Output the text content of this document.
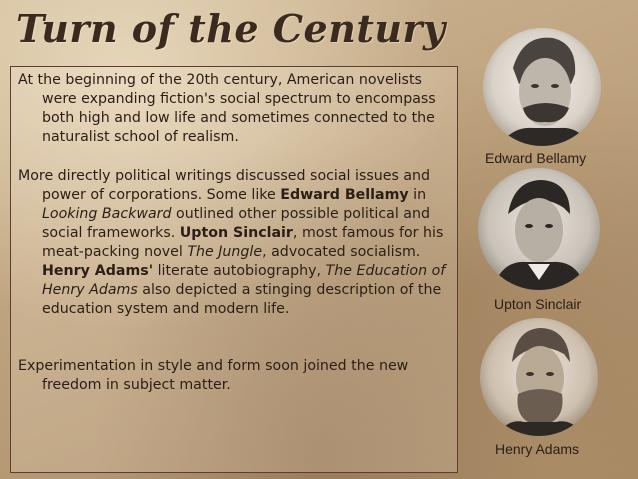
Turn of the Century

At the beginning of the 20th century, American novelists were expanding fiction's social spectrum to encompass both high and low life and sometimes connected to the naturalist school of realism.

More directly political writings discussed social issues and power of corporations. Some like Edward Bellamy in Looking Backward outlined other possible political and social frameworks. Upton Sinclair, most famous for his meat-packing novel The Jungle, advocated socialism. Henry Adams' literate autobiography, The Education of Henry Adams also depicted a stinging description of the education system and modern life.

Experimentation in style and form soon joined the new freedom in subject matter.

Edward Bellamy
Upton Sinclair
Henry Adams
